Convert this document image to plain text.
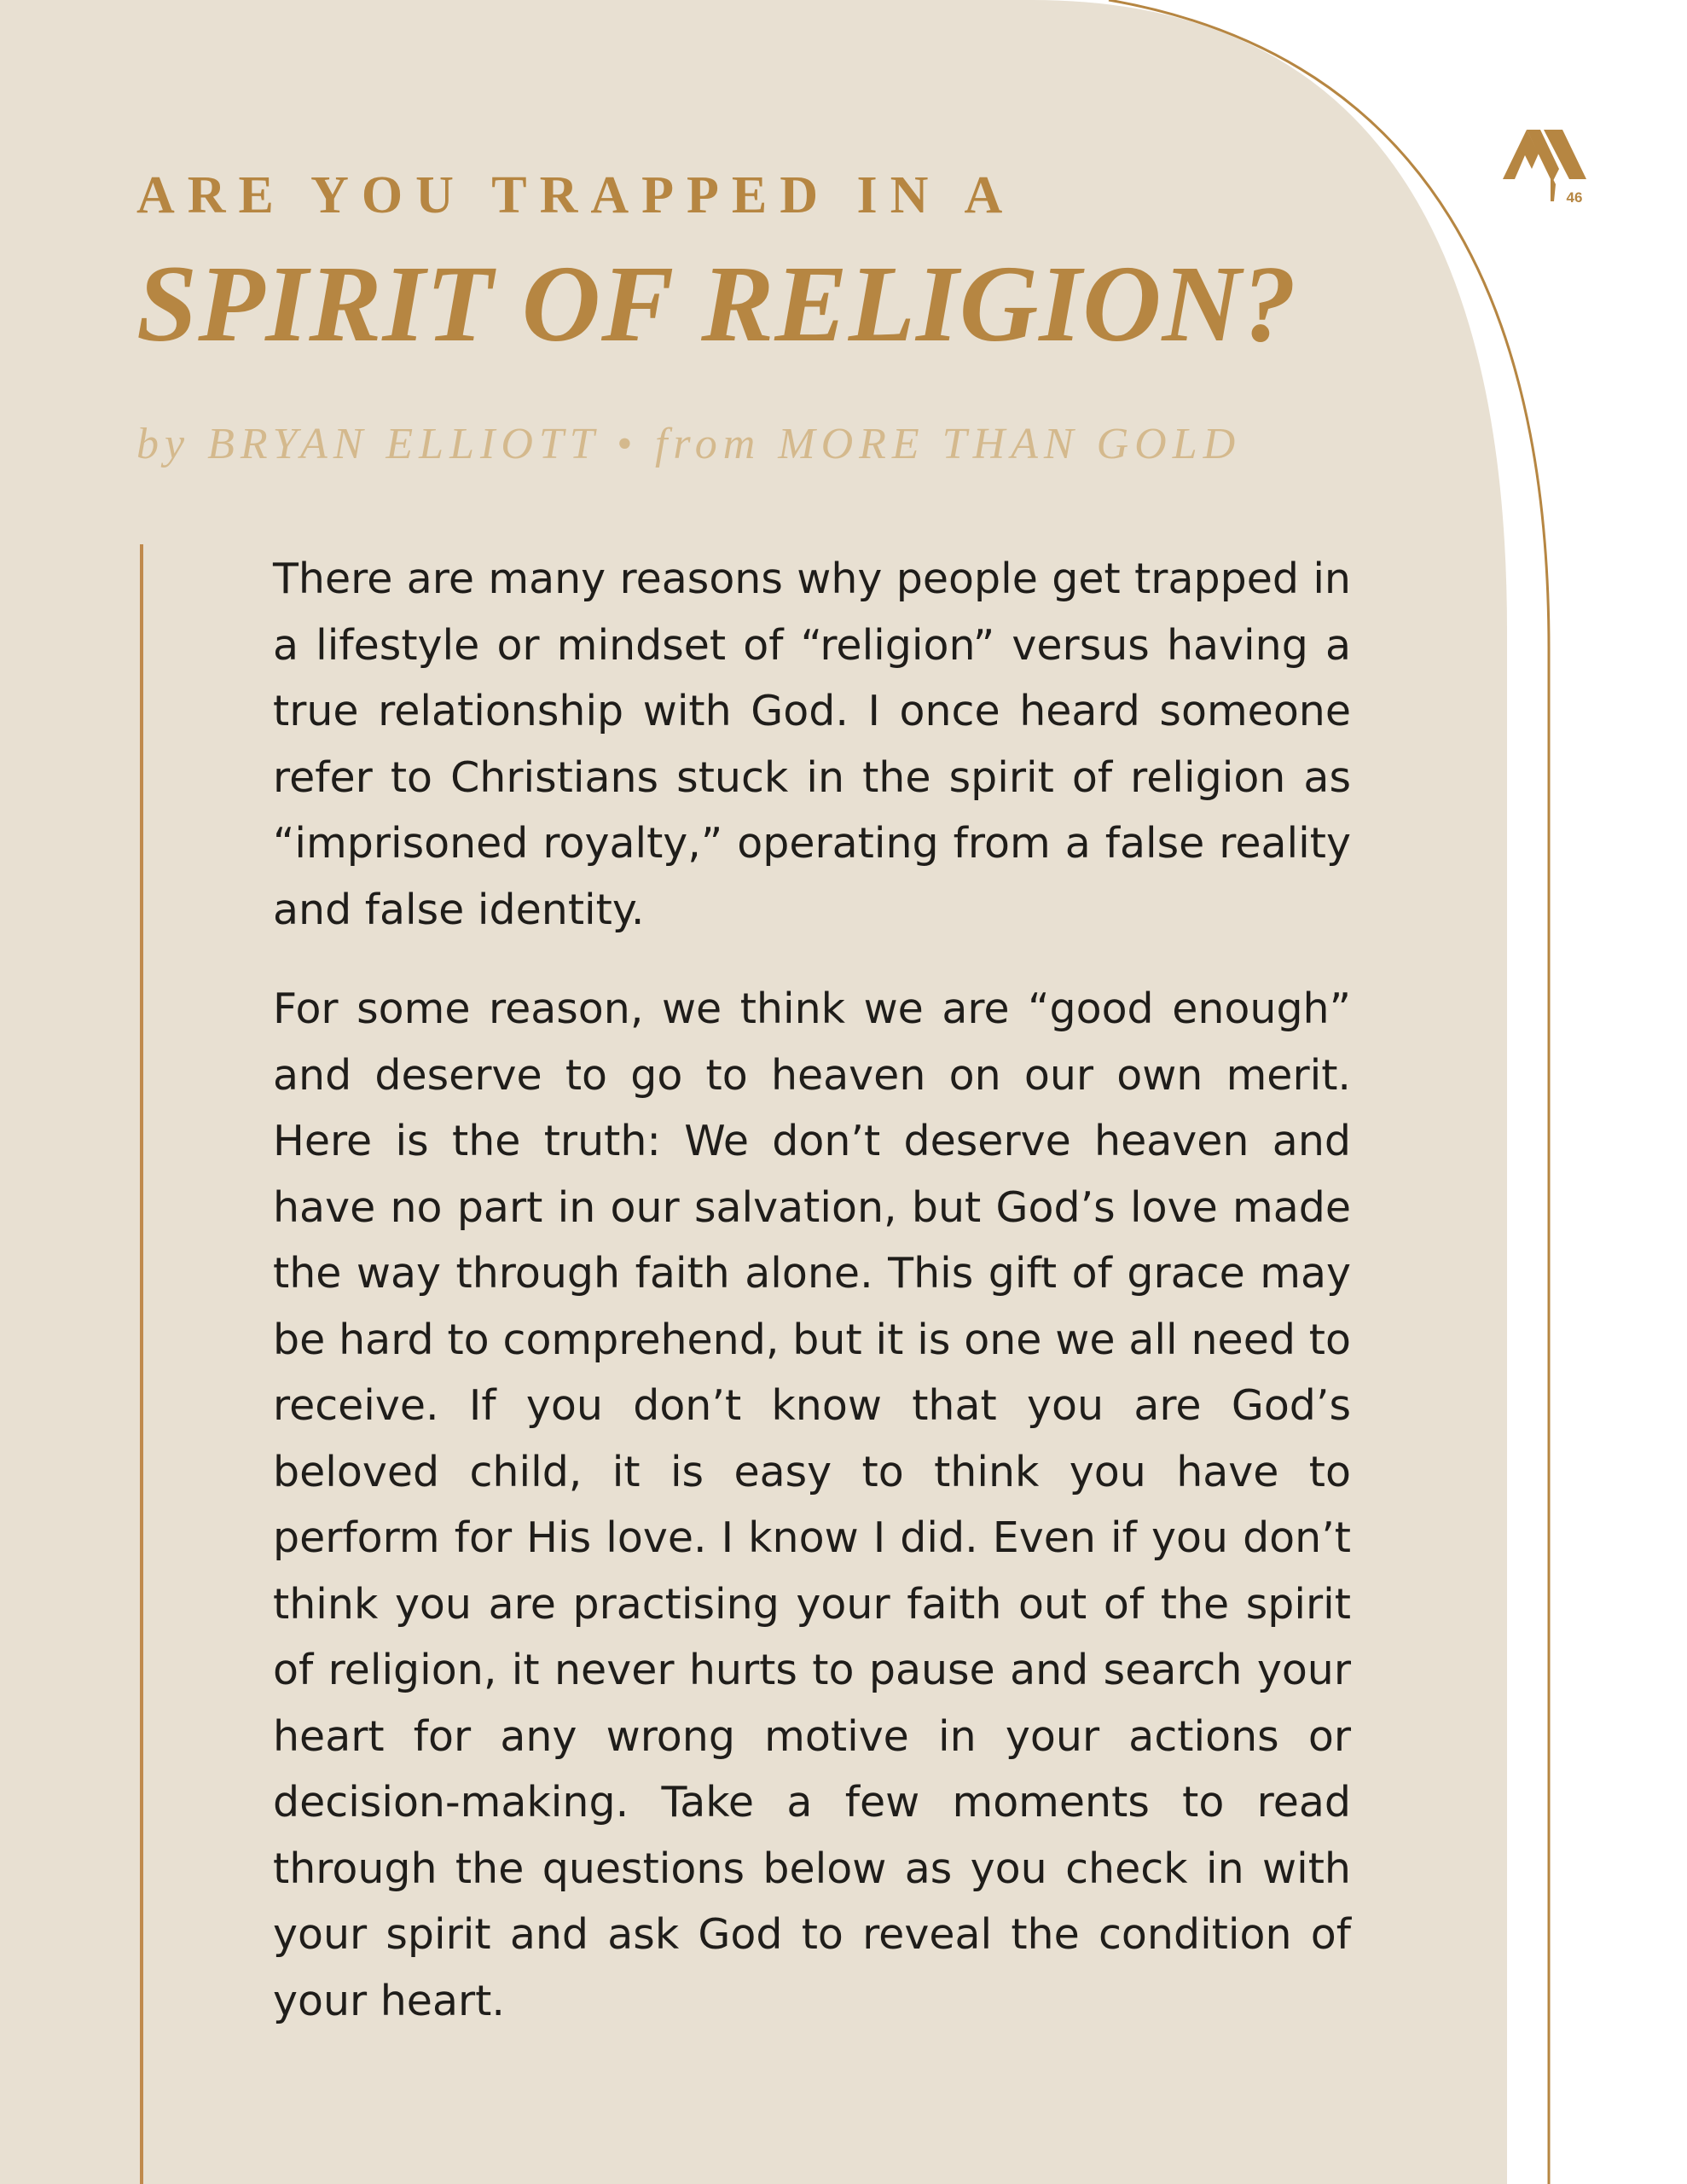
46
ARE YOU TRAPPED IN A
SPIRIT OF RELIGION?

by BRYAN ELLIOTT • from MORE THAN GOLD

There are many reasons why people get trapped in a lifestyle or mindset of “religion” versus having a true relationship with God. I once heard someone refer to Christians stuck in the spirit of religion as “imprisoned royalty,” operating from a false reality and false identity.

For some reason, we think we are “good enough” and deserve to go to heaven on our own merit. Here is the truth: We don’t deserve heaven and have no part in our salvation, but God’s love made the way through faith alone. This gift of grace may be hard to comprehend, but it is one we all need to receive. If you don’t know that you are God’s beloved child, it is easy to think you have to perform for His love. I know I did. Even if you don’t think you are practising your faith out of the spirit of religion, it never hurts to pause and search your heart for any wrong motive in your actions or decision-making. Take a few moments to read through the questions below as you check in with your spirit and ask God to reveal the condition of your heart.
